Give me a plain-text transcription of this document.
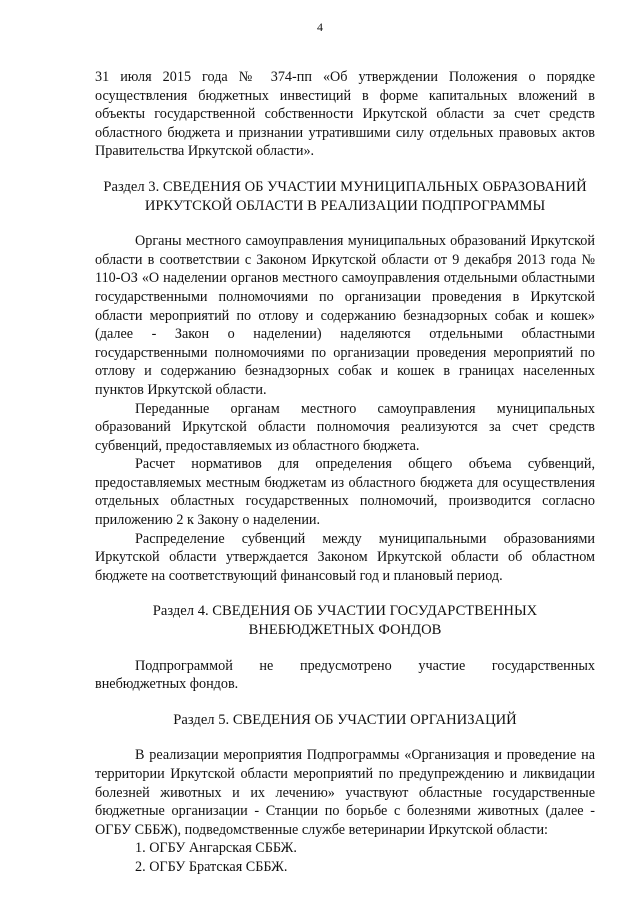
4

31 июля 2015 года № 374-пп «Об утверждении Положения о порядке осуществления бюджетных инвестиций в форме капитальных вложений в объекты государственной собственности Иркутской области за счет средств областного бюджета и признании утратившими силу отдельных правовых актов Правительства Иркутской области».

Раздел 3. СВЕДЕНИЯ ОБ УЧАСТИИ МУНИЦИПАЛЬНЫХ ОБРАЗОВАНИЙ
ИРКУТСКОЙ ОБЛАСТИ В РЕАЛИЗАЦИИ ПОДПРОГРАММЫ

Органы местного самоуправления муниципальных образований Иркутской области в соответствии с Законом Иркутской области от 9 декабря 2013 года № 110-ОЗ «О наделении органов местного самоуправления отдельными областными государственными полномочиями по организации проведения в Иркутской области мероприятий по отлову и содержанию безнадзорных собак и кошек» (далее - Закон о наделении) наделяются отдельными областными государственными полномочиями по организации проведения мероприятий по отлову и содержанию безнадзорных собак и кошек в границах населенных пунктов Иркутской области.

Переданные органам местного самоуправления муниципальных образований Иркутской области полномочия реализуются за счет средств субвенций, предоставляемых из областного бюджета.

Расчет нормативов для определения общего объема субвенций, предоставляемых местным бюджетам из областного бюджета для осуществления отдельных областных государственных полномочий, производится согласно приложению 2 к Закону о наделении.

Распределение субвенций между муниципальными образованиями Иркутской области утверждается Законом Иркутской области об областном бюджете на соответствующий финансовый год и плановый период.

Раздел 4. СВЕДЕНИЯ ОБ УЧАСТИИ ГОСУДАРСТВЕННЫХ
ВНЕБЮДЖЕТНЫХ ФОНДОВ

Подпрограммой не предусмотрено участие государственных внебюджетных фондов.

Раздел 5. СВЕДЕНИЯ ОБ УЧАСТИИ ОРГАНИЗАЦИЙ

В реализации мероприятия Подпрограммы «Организация и проведение на территории Иркутской области мероприятий по предупреждению и ликвидации болезней животных и их лечению» участвуют областные государственные бюджетные организации - Станции по борьбе с болезнями животных (далее - ОГБУ СББЖ), подведомственные службе ветеринарии Иркутской области:

1. ОГБУ Ангарская СББЖ.

2. ОГБУ Братская СББЖ.
